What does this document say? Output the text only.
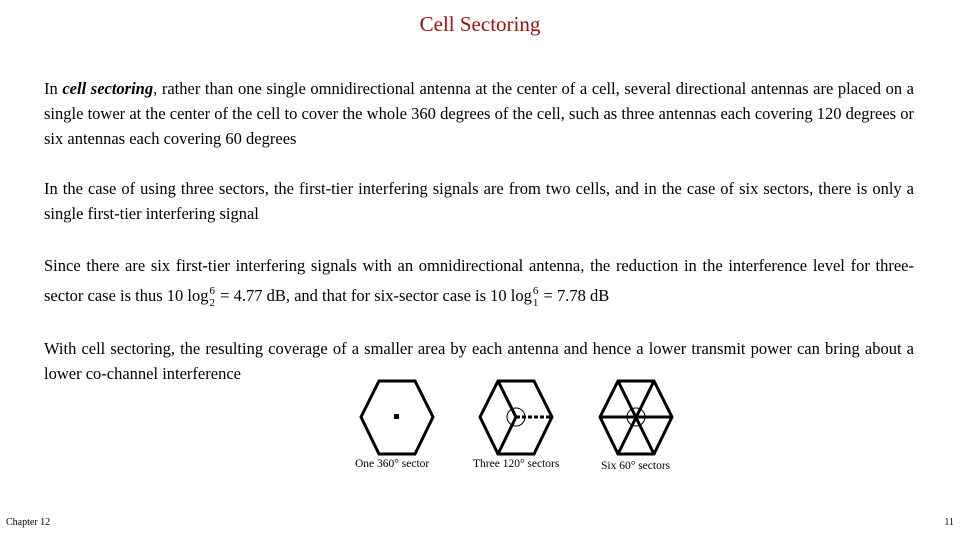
Cell Sectoring
In cell sectoring, rather than one single omnidirectional antenna at the center of a cell, several directional antennas are placed on a single tower at the center of the cell to cover the whole 360 degrees of the cell, such as three antennas each covering 120 degrees or six antennas each covering 60 degrees
In the case of using three sectors, the first-tier interfering signals are from two cells, and in the case of six sectors, there is only a single first-tier interfering signal
Since there are six first-tier interfering signals with an omnidirectional antenna, the reduction in the interference level for three-sector case is thus 10 log 6
2 = 4.77 dB, and that for six-sector case is 10 log 6
1 = 7.78 dB
With cell sectoring, the resulting coverage of a smaller area by each antenna and hence a lower transmit power can bring about a lower co-channel interference
One 360° sector	Three 120° sectors	Six 60° sectors
Chapter 12	11
